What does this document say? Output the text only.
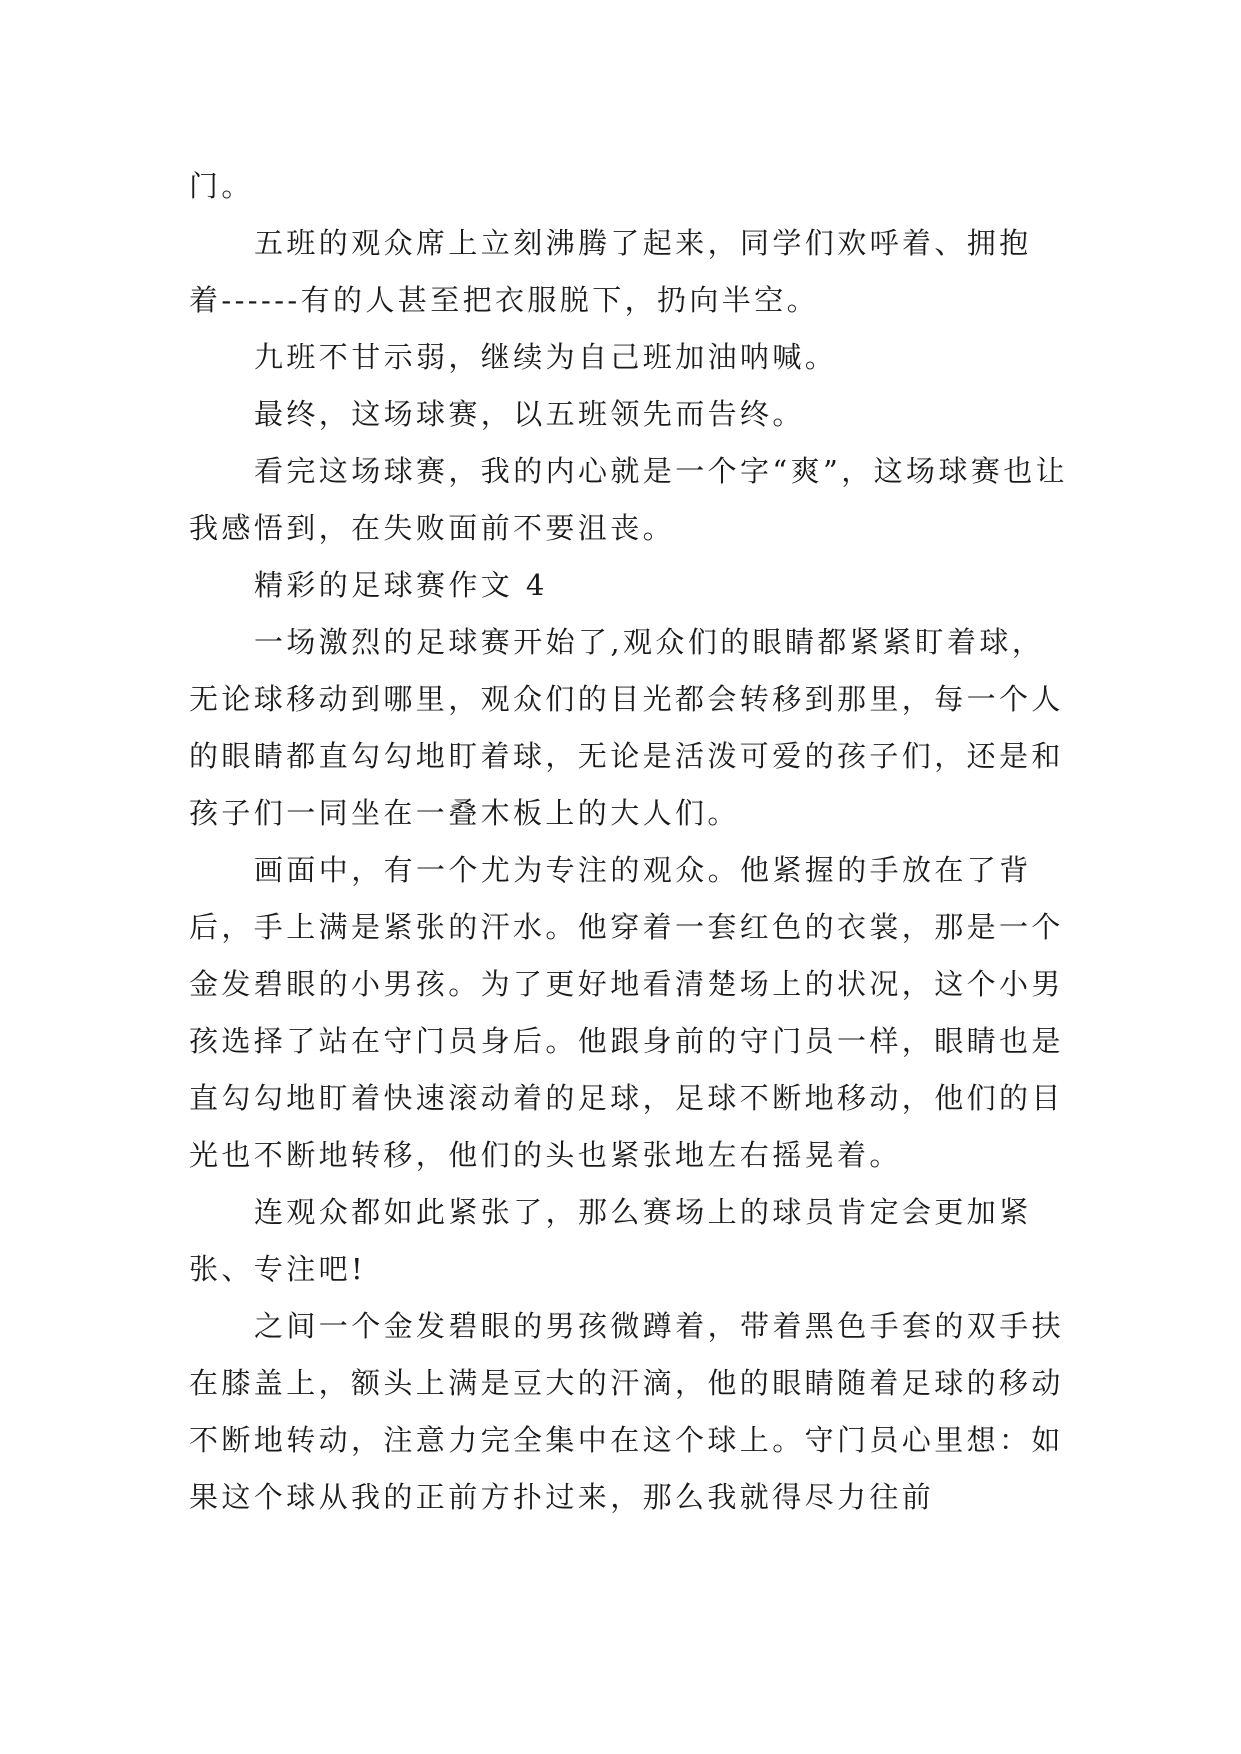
门。

五班的观众席上立刻沸腾了起来，同学们欢呼着、拥抱着------有的人甚至把衣服脱下，扔向半空。

九班不甘示弱，继续为自己班加油呐喊。

最终，这场球赛，以五班领先而告终。

看完这场球赛，我的内心就是一个字“爽”，这场球赛也让我感悟到，在失败面前不要沮丧。

精彩的足球赛作文 4

一场激烈的足球赛开始了,观众们的眼睛都紧紧盯着球，无论球移动到哪里，观众们的目光都会转移到那里，每一个人的眼睛都直勾勾地盯着球，无论是活泼可爱的孩子们，还是和孩子们一同坐在一叠木板上的大人们。

画面中，有一个尤为专注的观众。他紧握的手放在了背后，手上满是紧张的汗水。他穿着一套红色的衣裳，那是一个金发碧眼的小男孩。为了更好地看清楚场上的状况，这个小男孩选择了站在守门员身后。他跟身前的守门员一样，眼睛也是直勾勾地盯着快速滚动着的足球，足球不断地移动，他们的目光也不断地转移，他们的头也紧张地左右摇晃着。

连观众都如此紧张了，那么赛场上的球员肯定会更加紧张、专注吧!

之间一个金发碧眼的男孩微蹲着，带着黑色手套的双手扶在膝盖上，额头上满是豆大的汗滴，他的眼睛随着足球的移动不断地转动，注意力完全集中在这个球上。守门员心里想：如果这个球从我的正前方扑过来，那么我就得尽力往前
